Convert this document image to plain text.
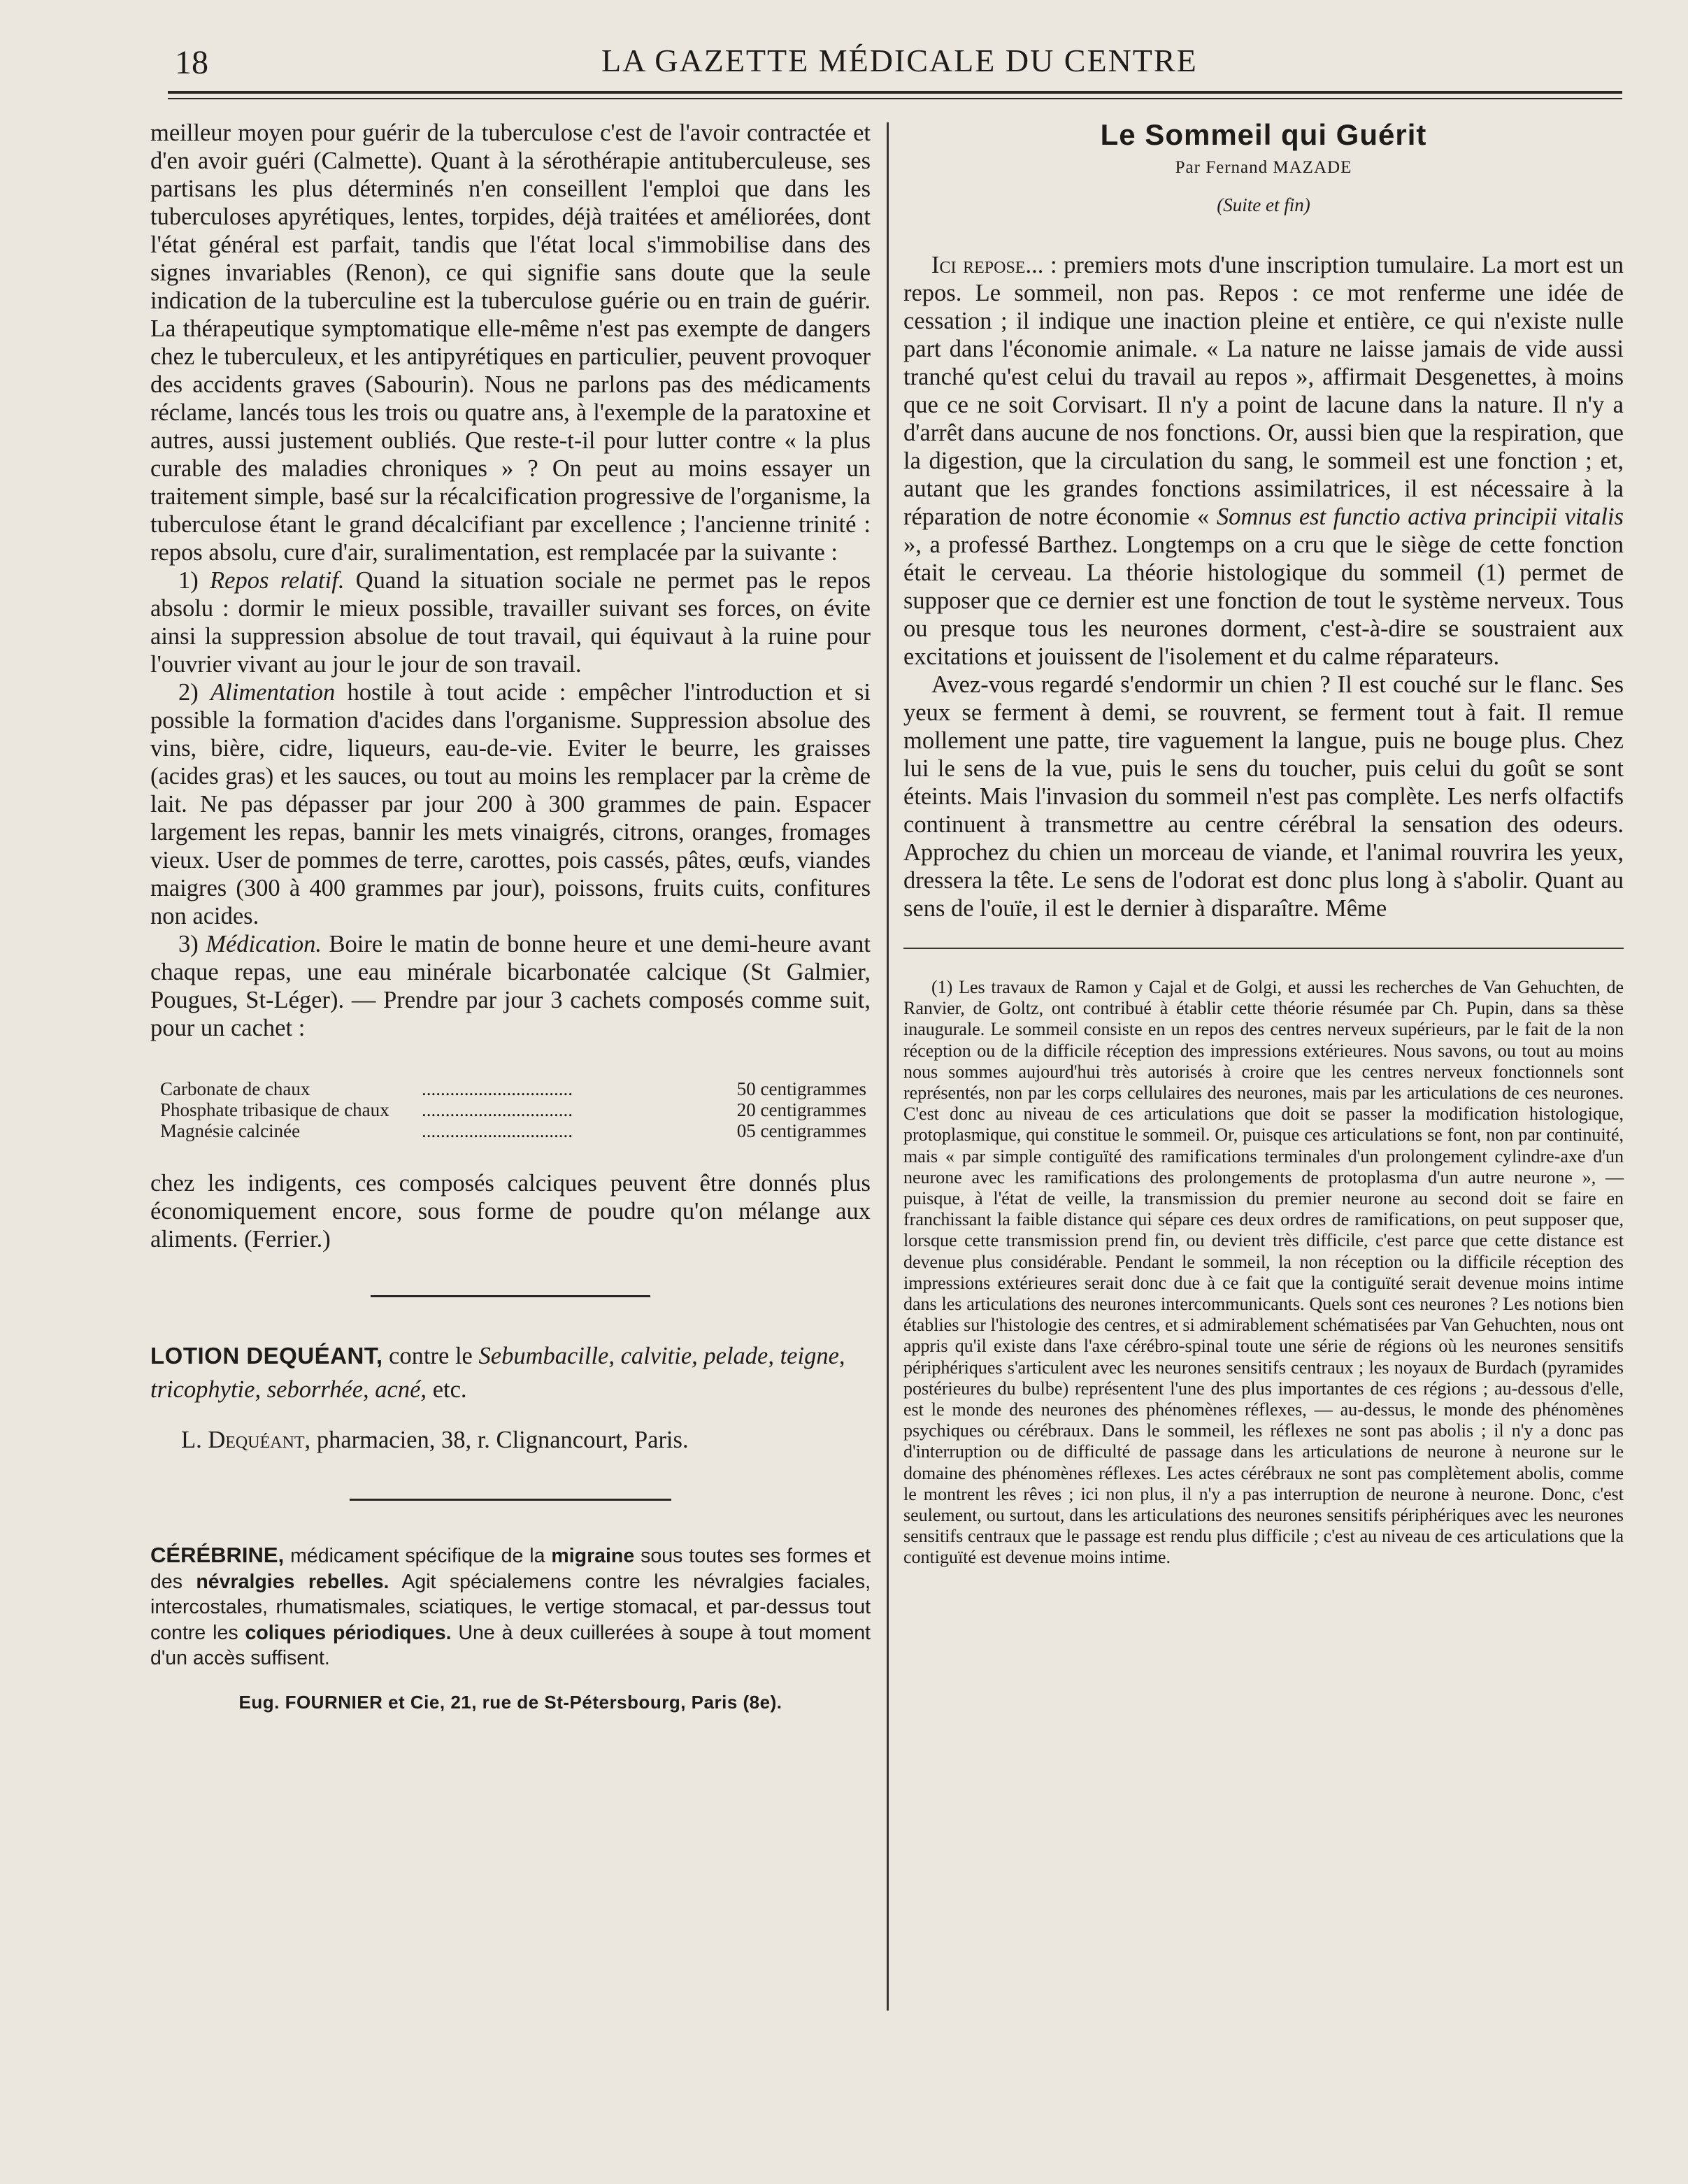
18	LA GAZETTE MÉDICALE DU CENTRE

meilleur moyen pour guérir de la tuberculose c'est de l'avoir contractée et d'en avoir guéri (Calmette). Quant à la sérothérapie antituberculeuse, ses partisans les plus déterminés n'en conseillent l'emploi que dans les tuberculoses apyrétiques, lentes, torpides, déjà traitées et améliorées, dont l'état général est parfait, tandis que l'état local s'immobilise dans des signes invariables (Renon), ce qui signifie sans doute que la seule indication de la tuberculine est la tuberculose guérie ou en train de guérir. La thérapeutique symptomatique elle-même n'est pas exempte de dangers chez le tuberculeux, et les antipyrétiques en particulier, peuvent provoquer des accidents graves (Sabourin). Nous ne parlons pas des médicaments réclame, lancés tous les trois ou quatre ans, à l'exemple de la paratoxine et autres, aussi justement oubliés. Que reste-t-il pour lutter contre « la plus curable des maladies chroniques » ? On peut au moins essayer un traitement simple, basé sur la récalcification progressive de l'organisme, la tuberculose étant le grand décalcifiant par excellence ; l'ancienne trinité : repos absolu, cure d'air, suralimentation, est remplacée par la suivante :

1) Repos relatif. Quand la situation sociale ne permet pas le repos absolu : dormir le mieux possible, travailler suivant ses forces, on évite ainsi la suppression absolue de tout travail, qui équivaut à la ruine pour l'ouvrier vivant au jour le jour de son travail.

2) Alimentation hostile à tout acide : empêcher l'introduction et si possible la formation d'acides dans l'organisme. Suppression absolue des vins, bière, cidre, liqueurs, eau-de-vie. Eviter le beurre, les graisses (acides gras) et les sauces, ou tout au moins les remplacer par la crème de lait. Ne pas dépasser par jour 200 à 300 grammes de pain. Espacer largement les repas, bannir les mets vinaigrés, citrons, oranges, fromages vieux. User de pommes de terre, carottes, pois cassés, pâtes, œufs, viandes maigres (300 à 400 grammes par jour), poissons, fruits cuits, confitures non acides.

3) Médication. Boire le matin de bonne heure et une demi-heure avant chaque repas, une eau minérale bicarbonatée calcique (St Galmier, Pougues, St-Léger). — Prendre par jour 3 cachets composés comme suit, pour un cachet :

Carbonate de chaux	................................	50 centigrammes
Phosphate tribasique de chaux	................................	20 centigrammes
Magnésie calcinée	................................	05 centigrammes

chez les indigents, ces composés calciques peuvent être donnés plus économiquement encore, sous forme de poudre qu'on mélange aux aliments. (Ferrier.)

LOTION DEQUÉANT, contre le Sebumbacille, calvitie, pelade, teigne, tricophytie, seborrhée, acné, etc.
L. Dequéant, pharmacien, 38, r. Clignancourt, Paris.
CÉRÉBRINE, médicament spécifique de la migraine sous toutes ses formes et des névralgies rebelles. Agit spécialemens contre les névralgies faciales, intercostales, rhumatismales, sciatiques, le vertige stomacal, et par-dessus tout contre les coliques périodiques. Une à deux cuillerées à soupe à tout moment d'un accès suffisent.
Eug. FOURNIER et Cie, 21, rue de St-Pétersbourg, Paris (8e).
Le Sommeil qui Guérit
Par Fernand MAZADE
(Suite et fin)

Ici repose... : premiers mots d'une inscription tumulaire. La mort est un repos. Le sommeil, non pas. Repos : ce mot renferme une idée de cessation ; il indique une inaction pleine et entière, ce qui n'existe nulle part dans l'économie animale. « La nature ne laisse jamais de vide aussi tranché qu'est celui du travail au repos », affirmait Desgenettes, à moins que ce ne soit Corvisart. Il n'y a point de lacune dans la nature. Il n'y a d'arrêt dans aucune de nos fonctions. Or, aussi bien que la respiration, que la digestion, que la circulation du sang, le sommeil est une fonction ; et, autant que les grandes fonctions assimilatrices, il est nécessaire à la réparation de notre économie « Somnus est functio activa principii vitalis », a professé Barthez. Longtemps on a cru que le siège de cette fonction était le cerveau. La théorie histologique du sommeil (1) permet de supposer que ce dernier est une fonction de tout le système nerveux. Tous ou presque tous les neurones dorment, c'est-à-dire se soustraient aux excitations et jouissent de l'isolement et du calme réparateurs.

Avez-vous regardé s'endormir un chien ? Il est couché sur le flanc. Ses yeux se ferment à demi, se rouvrent, se ferment tout à fait. Il remue mollement une patte, tire vaguement la langue, puis ne bouge plus. Chez lui le sens de la vue, puis le sens du toucher, puis celui du goût se sont éteints. Mais l'invasion du sommeil n'est pas complète. Les nerfs olfactifs continuent à transmettre au centre cérébral la sensation des odeurs. Approchez du chien un morceau de viande, et l'animal rouvrira les yeux, dressera la tête. Le sens de l'odorat est donc plus long à s'abolir. Quant au sens de l'ouïe, il est le dernier à disparaître. Même

(1) Les travaux de Ramon y Cajal et de Golgi, et aussi les recherches de Van Gehuchten, de Ranvier, de Goltz, ont contribué à établir cette théorie résumée par Ch. Pupin, dans sa thèse inaugurale. Le sommeil consiste en un repos des centres nerveux supérieurs, par le fait de la non réception ou de la difficile réception des impressions extérieures. Nous savons, ou tout au moins nous sommes aujourd'hui très autorisés à croire que les centres nerveux fonctionnels sont représentés, non par les corps cellulaires des neurones, mais par les articulations de ces neurones. C'est donc au niveau de ces articulations que doit se passer la modification histologique, protoplasmique, qui constitue le sommeil. Or, puisque ces articulations se font, non par continuité, mais « par simple contiguïté des ramifications terminales d'un prolongement cylindre-axe d'un neurone avec les ramifications des prolongements de protoplasma d'un autre neurone », — puisque, à l'état de veille, la transmission du premier neurone au second doit se faire en franchissant la faible distance qui sépare ces deux ordres de ramifications, on peut supposer que, lorsque cette transmission prend fin, ou devient très difficile, c'est parce que cette distance est devenue plus considérable. Pendant le sommeil, la non réception ou la difficile réception des impressions extérieures serait donc due à ce fait que la contiguïté serait devenue moins intime dans les articulations des neurones intercommunicants. Quels sont ces neurones ? Les notions bien établies sur l'histologie des centres, et si admirablement schématisées par Van Gehuchten, nous ont appris qu'il existe dans l'axe cérébro-spinal toute une série de régions où les neurones sensitifs périphériques s'articulent avec les neurones sensitifs centraux ; les noyaux de Burdach (pyramides postérieures du bulbe) représentent l'une des plus importantes de ces régions ; au-dessous d'elle, est le monde des neurones des phénomènes réflexes, — au-dessus, le monde des phénomènes psychiques ou cérébraux. Dans le sommeil, les réflexes ne sont pas abolis ; il n'y a donc pas d'interruption ou de difficulté de passage dans les articulations de neurone à neurone sur le domaine des phénomènes réflexes. Les actes cérébraux ne sont pas complètement abolis, comme le montrent les rêves ; ici non plus, il n'y a pas interruption de neurone à neurone. Donc, c'est seulement, ou surtout, dans les articulations des neurones sensitifs périphériques avec les neurones sensitifs centraux que le passage est rendu plus difficile ; c'est au niveau de ces articulations que la contiguïté est devenue moins intime.
